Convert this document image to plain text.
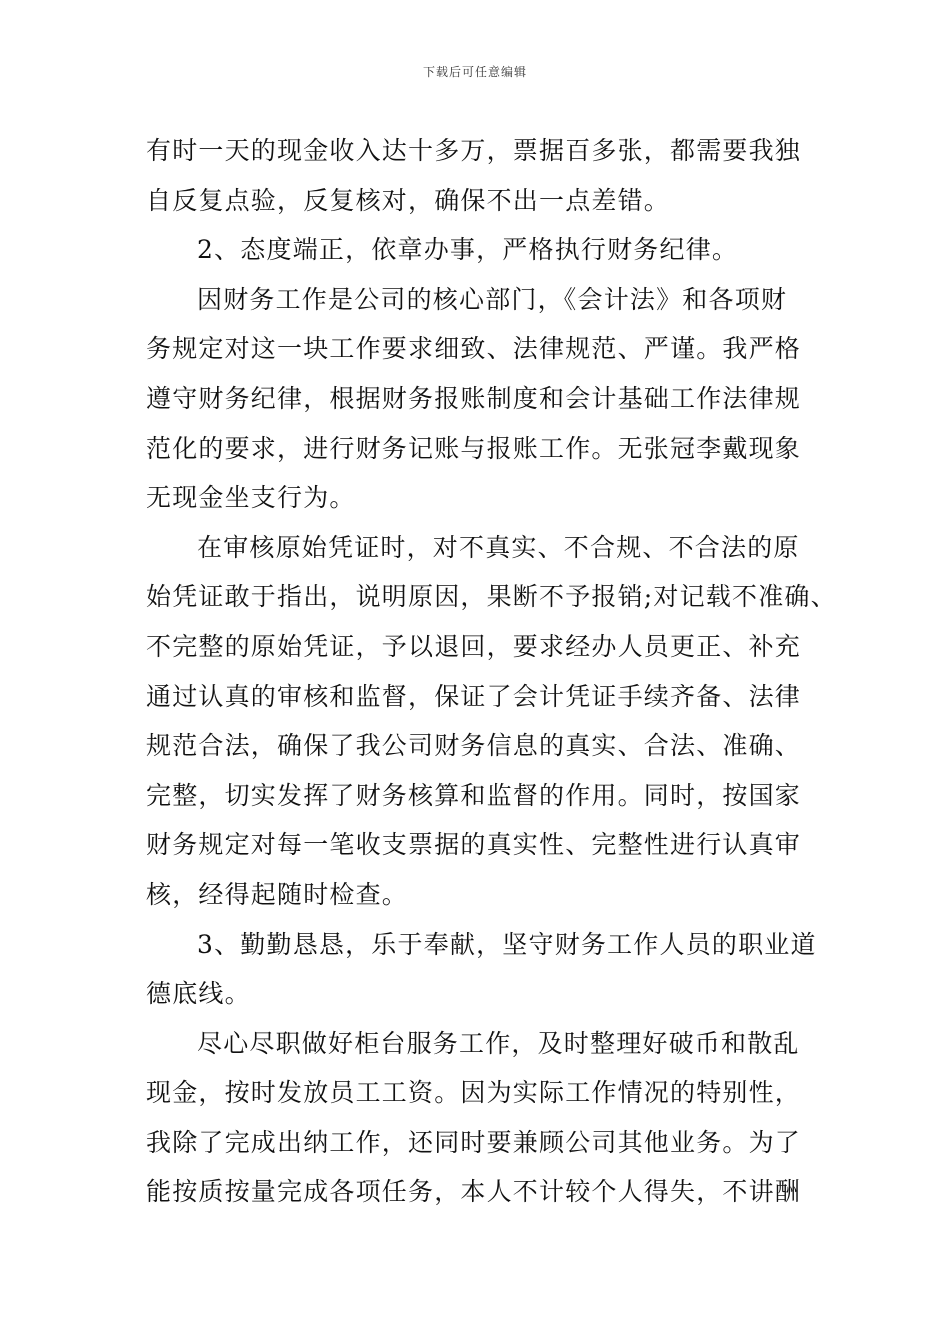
下载后可任意编辑
有时一天的现金收入达十多万，票据百多张，都需要我独
自反复点验，反复核对，确保不出一点差错。
2、态度端正，依章办事，严格执行财务纪律。
因财务工作是公司的核心部门，《会计法》和各项财
务规定对这一块工作要求细致、法律规范、严谨。我严格
遵守财务纪律，根据财务报账制度和会计基础工作法律规
范化的要求，进行财务记账与报账工作。无张冠李戴现象
无现金坐支行为。
在审核原始凭证时，对不真实、不合规、不合法的原
始凭证敢于指出，说明原因，果断不予报销;对记载不准确、
不完整的原始凭证，予以退回，要求经办人员更正、补充
通过认真的审核和监督，保证了会计凭证手续齐备、法律
规范合法，确保了我公司财务信息的真实、合法、准确、
完整，切实发挥了财务核算和监督的作用。同时，按国家
财务规定对每一笔收支票据的真实性、完整性进行认真审
核，经得起随时检查。
3、勤勤恳恳，乐于奉献，坚守财务工作人员的职业道
德底线。
尽心尽职做好柜台服务工作，及时整理好破币和散乱
现金，按时发放员工工资。因为实际工作情况的特别性，
我除了完成出纳工作，还同时要兼顾公司其他业务。为了
能按质按量完成各项任务，本人不计较个人得失，不讲酬
